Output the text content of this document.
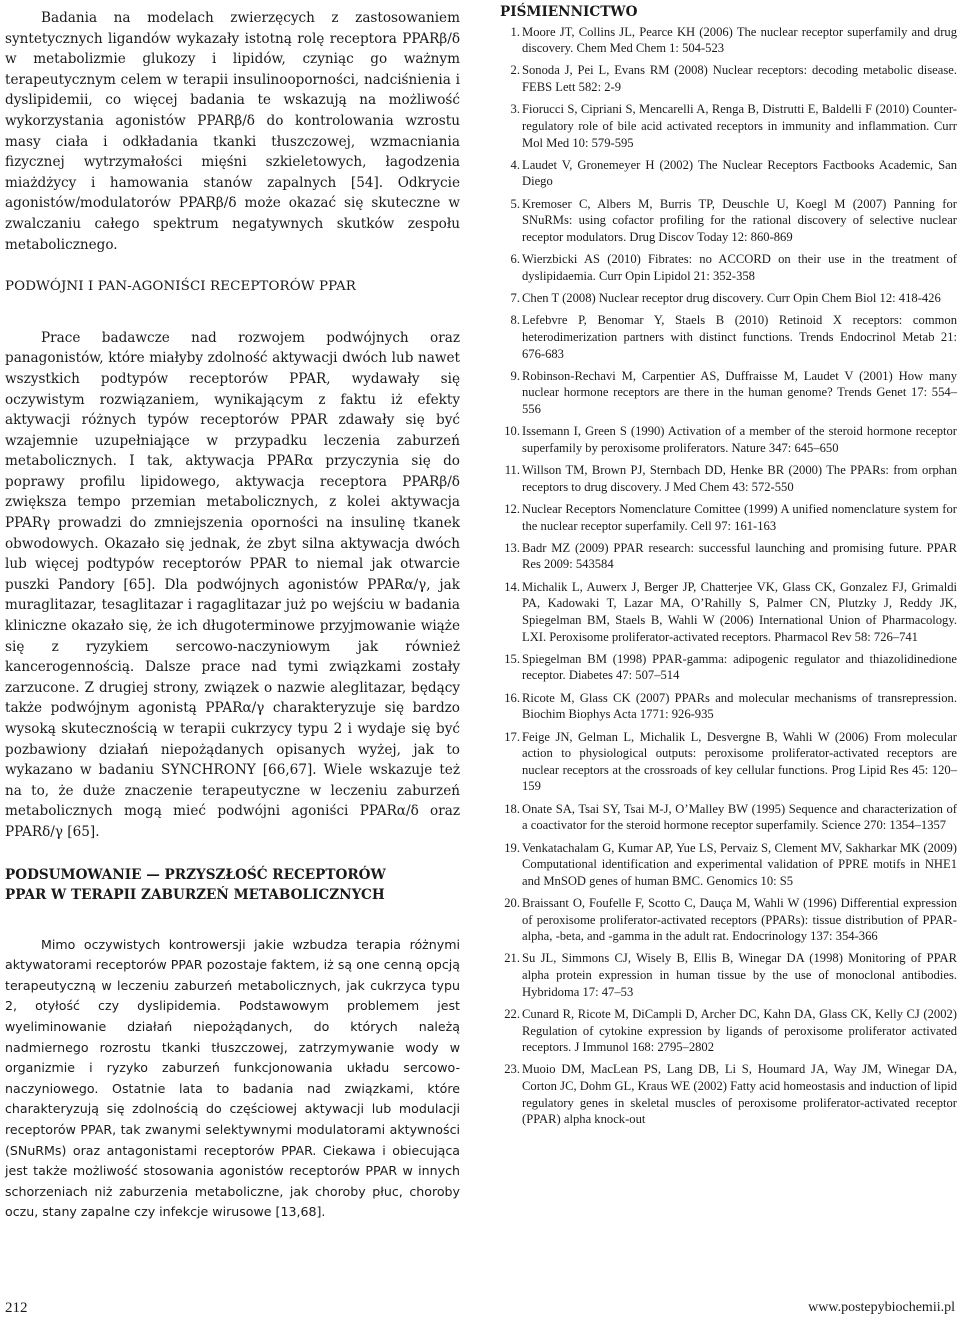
Badania na modelach zwierzęcych z zastosowaniem syntetycznych ligandów wykazały istotną rolę receptora PPARβ/δ w metabolizmie glukozy i lipidów, czyniąc go ważnym terapeutycznym celem w terapii insulinooporności, nadciśnienia i dyslipidemii, co więcej badania te wskazują na możliwość wykorzystania agonistów PPARβ/δ do kontrolowania wzrostu masy ciała i odkładania tkanki tłuszczowej, wzmacniania fizycznej wytrzymałości mięśni szkieletowych, łagodzenia miażdżycy i hamowania stanów zapalnych [54]. Odkrycie agonistów/modulatorów PPARβ/δ może okazać się skuteczne w zwalczaniu całego spektrum negatywnych skutków zespołu metabolicznego.

PODWÓJNI I PAN-AGONIŚCI RECEPTORÓW PPAR

Prace badawcze nad rozwojem podwójnych oraz panagonistów, które miałyby zdolność aktywacji dwóch lub nawet wszystkich podtypów receptorów PPAR, wydawały się oczywistym rozwiązaniem, wynikającym z faktu iż efekty aktywacji różnych typów receptorów PPAR zdawały się być wzajemnie uzupełniające w przypadku leczenia zaburzeń metabolicznych. I tak, aktywacja PPARα przyczynia się do poprawy profilu lipidowego, aktywacja receptora PPARβ/δ zwiększa tempo przemian metabolicznych, z kolei aktywacja PPARγ prowadzi do zmniejszenia oporności na insulinę tkanek obwodowych. Okazało się jednak, że zbyt silna aktywacja dwóch lub więcej podtypów receptorów PPAR to niemal jak otwarcie puszki Pandory [65]. Dla podwójnych agonistów PPARα/γ, jak muraglitazar, tesaglitazar i ragaglitazar już po wejściu w badania kliniczne okazało się, że ich długoterminowe przyjmowanie wiąże się z ryzykiem sercowo-naczyniowym jak również kancerogennością. Dalsze prace nad tymi związkami zostały zarzucone. Z drugiej strony, związek o nazwie aleglitazar, będący także podwójnym agonistą PPARα/γ charakteryzuje się bardzo wysoką skutecznością w terapii cukrzycy typu 2 i wydaje się być pozbawiony działań niepożądanych opisanych wyżej, jak to wykazano w badaniu SYNCHRONY [66,67]. Wiele wskazuje też na to, że duże znaczenie terapeutyczne w leczeniu zaburzeń metabolicznych mogą mieć podwójni agoniści PPARα/δ oraz PPARδ/γ [65].

PODSUMOWANIE — PRZYSZŁOŚĆ RECEPTORÓW
PPAR W TERAPII ZABURZEŃ METABOLICZNYCH

Mimo oczywistych kontrowersji jakie wzbudza terapia różnymi aktywatorami receptorów PPAR pozostaje faktem, iż są one cenną opcją terapeutyczną w leczeniu zaburzeń metabolicznych, jak cukrzyca typu 2, otyłość czy dyslipidemia. Podstawowym problemem jest wyeliminowanie działań niepożądanych, do których należą nadmiernego rozrostu tkanki tłuszczowej, zatrzymywanie wody w organizmie i ryzyko zaburzeń funkcjonowania układu sercowo-naczyniowego. Ostatnie lata to badania nad związkami, które charakteryzują się zdolnością do częściowej aktywacji lub modulacji receptorów PPAR, tak zwanymi selektywnymi modulatorami aktywności (SNuRMs) oraz antagonistami receptorów PPAR. Ciekawa i obiecująca jest także możliwość stosowania agonistów receptorów PPAR w innych schorzeniach niż zaburzenia metaboliczne, jak choroby płuc, choroby oczu, stany zapalne czy infekcje wirusowe [13,68].

PIŚMIENNICTWO
1. Moore JT, Collins JL, Pearce KH (2006) The nuclear receptor superfamily and drug discovery. Chem Med Chem 1: 504-523
2. Sonoda J, Pei L, Evans RM (2008) Nuclear receptors: decoding metabolic disease. FEBS Lett 582: 2-9
3. Fiorucci S, Cipriani S, Mencarelli A, Renga B, Distrutti E, Baldelli F (2010) Counter-regulatory role of bile acid activated receptors in immunity and inflammation. Curr Mol Med 10: 579-595
4. Laudet V, Gronemeyer H (2002) The Nuclear Receptors Factbooks Academic, San Diego
5. Kremoser C, Albers M, Burris TP, Deuschle U, Koegl M (2007) Panning for SNuRMs: using cofactor profiling for the rational discovery of selective nuclear receptor modulators. Drug Discov Today 12: 860-869
6. Wierzbicki AS (2010) Fibrates: no ACCORD on their use in the treatment of dyslipidaemia. Curr Opin Lipidol 21: 352-358
7. Chen T (2008) Nuclear receptor drug discovery. Curr Opin Chem Biol 12: 418-426
8. Lefebvre P, Benomar Y, Staels B (2010) Retinoid X receptors: common heterodimerization partners with distinct functions. Trends Endocrinol Metab 21: 676-683
9. Robinson-Rechavi M, Carpentier AS, Duffraisse M, Laudet V (2001) How many nuclear hormone receptors are there in the human genome? Trends Genet 17: 554–556
10. Issemann I, Green S (1990) Activation of a member of the steroid hormone receptor superfamily by peroxisome proliferators. Nature 347: 645–650
11. Willson TM, Brown PJ, Sternbach DD, Henke BR (2000) The PPARs: from orphan receptors to drug discovery. J Med Chem 43: 572-550
12. Nuclear Receptors Nomenclature Comittee (1999) A unified nomenclature system for the nuclear receptor superfamily. Cell 97: 161-163
13. Badr MZ (2009) PPAR research: successful launching and promising future. PPAR Res 2009: 543584
14. Michalik L, Auwerx J, Berger JP, Chatterjee VK, Glass CK, Gonzalez FJ, Grimaldi PA, Kadowaki T, Lazar MA, O’Rahilly S, Palmer CN, Plutzky J, Reddy JK, Spiegelman BM, Staels B, Wahli W (2006) International Union of Pharmacology. LXI. Peroxisome proliferator-activated receptors. Pharmacol Rev 58: 726–741
15. Spiegelman BM (1998) PPAR-gamma: adipogenic regulator and thiazolidinedione receptor. Diabetes 47: 507–514
16. Ricote M, Glass CK (2007) PPARs and molecular mechanisms of transrepression. Biochim Biophys Acta 1771: 926-935
17. Feige JN, Gelman L, Michalik L, Desvergne B, Wahli W (2006) From molecular action to physiological outputs: peroxisome proliferator-activated receptors are nuclear receptors at the crossroads of key cellular functions. Prog Lipid Res 45: 120–159
18. Onate SA, Tsai SY, Tsai M-J, O’Malley BW (1995) Sequence and characterization of a coactivator for the steroid hormone receptor superfamily. Science 270: 1354–1357
19. Venkatachalam G, Kumar AP, Yue LS, Pervaiz S, Clement MV, Sakharkar MK (2009) Computational identification and experimental validation of PPRE motifs in NHE1 and MnSOD genes of human BMC. Genomics 10: S5
20. Braissant O, Foufelle F, Scotto C, Dauça M, Wahli W (1996) Differential expression of peroxisome proliferator-activated receptors (PPARs): tissue distribution of PPAR-alpha, -beta, and -gamma in the adult rat. Endocrinology 137: 354-366
21. Su JL, Simmons CJ, Wisely B, Ellis B, Winegar DA (1998) Monitoring of PPAR alpha protein expression in human tissue by the use of monoclonal antibodies. Hybridoma 17: 47–53
22. Cunard R, Ricote M, DiCampli D, Archer DC, Kahn DA, Glass CK, Kelly CJ (2002) Regulation of cytokine expression by ligands of peroxisome proliferator activated receptors. J Immunol 168: 2795–2802
23. Muoio DM, MacLean PS, Lang DB, Li S, Houmard JA, Way JM, Winegar DA, Corton JC, Dohm GL, Kraus WE (2002) Fatty acid homeostasis and induction of lipid regulatory genes in skeletal muscles of peroxisome proliferator-activated receptor (PPAR) alpha knock-out
212	www.postepybiochemii.pl
